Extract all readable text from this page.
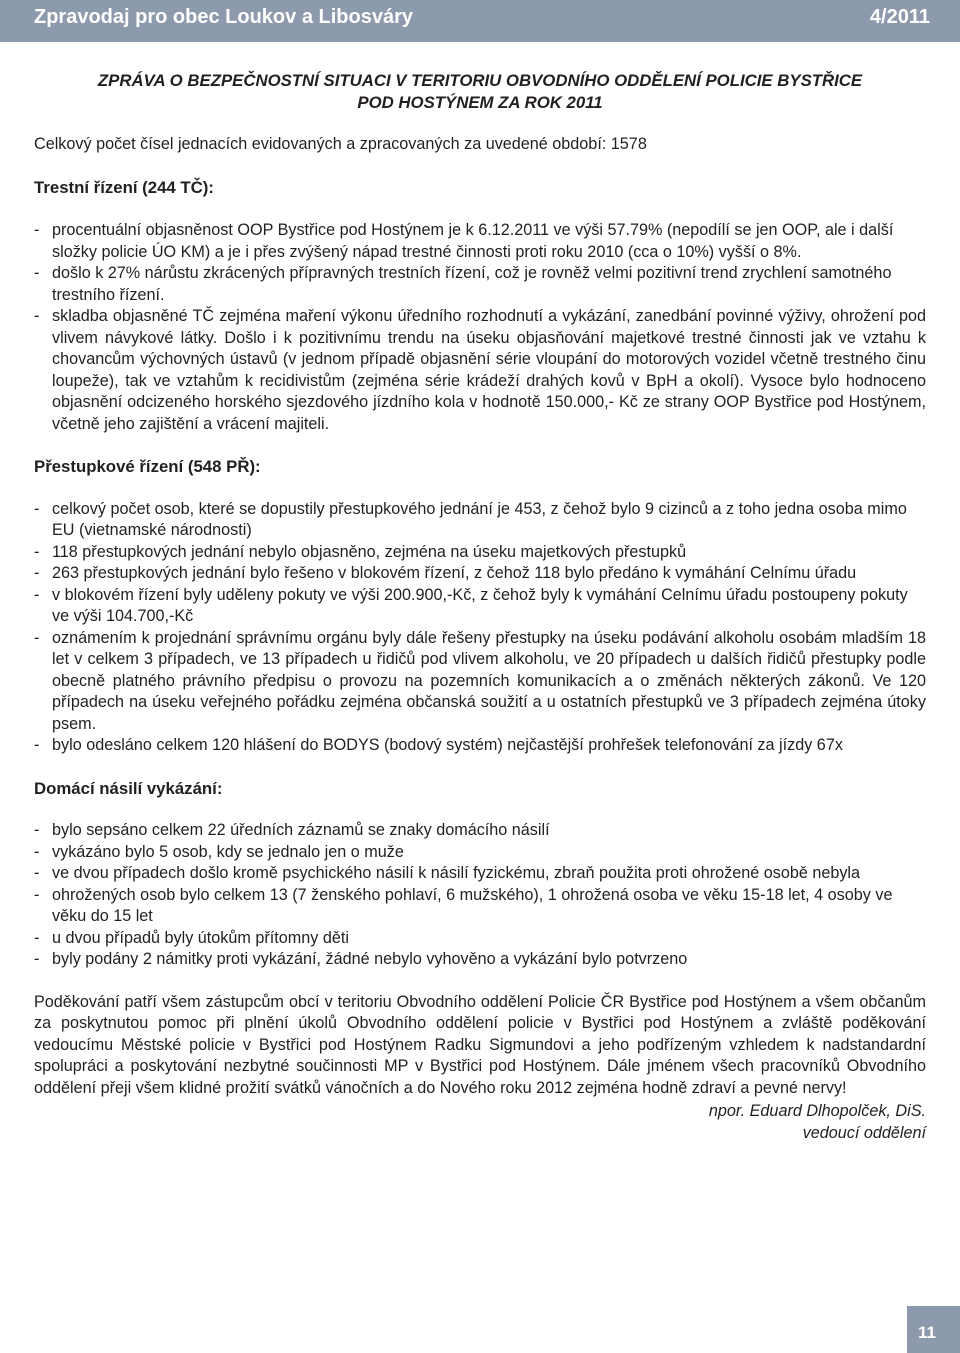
Zpravodaj pro obec Loukov a Libosváry	4/2011

ZPRÁVA O BEZPEČNOSTNÍ SITUACI V TERITORIU OBVODNÍHO ODDĚLENÍ POLICIE BYSTŘICE
POD HOSTÝNEM ZA ROK 2011

Celkový počet čísel jednacích evidovaných a zpracovaných za uvedené období: 1578

Trestní řízení (244 TČ):

- procentuální objasněnost OOP Bystřice pod Hostýnem je k 6.12.2011 ve výši 57.79% (nepodílí se jen OOP, ale i další složky policie ÚO KM) a je i přes zvýšený nápad trestné činnosti proti roku 2010 (cca o 10%) vyšší o 8%.
- došlo k 27% nárůstu zkrácených přípravných trestních řízení, což je rovněž velmi pozitivní trend zrychlení samotného trestního řízení.
- skladba objasněné TČ zejména maření výkonu úředního rozhodnutí a vykázání, zanedbání povinné výživy, ohrožení pod vlivem návykové látky. Došlo i k pozitivnímu trendu na úseku objasňování majetkové trestné činnosti jak ve vztahu k chovancům výchovných ústavů (v jednom případě objasnění série vloupání do motorových vozidel včetně trestného činu loupeže), tak ve vztahům k recidivistům (zejména série krádeží drahých kovů v BpH a okolí). Vysoce bylo hodnoceno objasnění odcizeného horského sjezdového jízdního kola v hodnotě 150.000,- Kč ze strany OOP Bystřice pod Hostýnem, včetně jeho zajištění a vrácení majiteli.

Přestupkové řízení (548 PŘ):

- celkový počet osob, které se dopustily přestupkového jednání je 453, z čehož bylo 9 cizinců a z toho jedna osoba mimo EU (vietnamské národnosti)
- 118 přestupkových jednání nebylo objasněno, zejména na úseku majetkových přestupků
- 263 přestupkových jednání bylo řešeno v blokovém řízení, z čehož 118 bylo předáno k vymáhání Celnímu úřadu
- v blokovém řízení byly uděleny pokuty ve výši 200.900,-Kč, z čehož byly k vymáhání Celnímu úřadu postoupeny pokuty ve výši 104.700,-Kč
- oznámením k projednání správnímu orgánu byly dále řešeny přestupky na úseku podávání alkoholu osobám mladším 18 let v celkem 3 případech, ve 13 případech u řidičů pod vlivem alkoholu, ve 20 případech u dalších řidičů přestupky podle obecně platného právního předpisu o provozu na pozemních komunikacích a o změnách některých zákonů. Ve 120 případech na úseku veřejného pořádku zejména občanská soužití a u ostatních přestupků ve 3 případech zejména útoky psem.
- bylo odesláno celkem 120 hlášení do BODYS (bodový systém) nejčastější prohřešek telefonování za jízdy 67x

Domácí násilí vykázání:

- bylo sepsáno celkem 22 úředních záznamů se znaky domácího násilí
- vykázáno bylo 5 osob, kdy se jednalo jen o muže
- ve dvou případech došlo kromě psychického násilí k násilí fyzickému, zbraň použita proti ohrožené osobě nebyla
- ohrožených osob bylo celkem 13 (7 ženského pohlaví, 6 mužského), 1 ohrožená osoba ve věku 15-18 let, 4 osoby ve věku do 15 let
- u dvou případů byly útokům přítomny děti
- byly podány 2 námitky proti vykázání, žádné nebylo vyhověno a vykázání bylo potvrzeno

Poděkování patří všem zástupcům obcí v teritoriu Obvodního oddělení Policie ČR Bystřice pod Hostýnem a všem občanům za poskytnutou pomoc při plnění úkolů Obvodního oddělení policie v Bystřici pod Hostýnem a zvláště poděkování vedoucímu Městské policie v Bystřici pod Hostýnem Radku Sigmundovi a jeho podřízeným vzhledem k nadstandardní spolupráci a poskytování nezbytné součinnosti MP v Bystřici pod Hostýnem. Dále jménem všech pracovníků Obvodního oddělení přeji všem klidné prožití svátků vánočních a do Nového roku 2012 zejména hodně zdraví a pevné nervy!

npor. Eduard Dlhopolček, DiS.
vedoucí oddělení

11
